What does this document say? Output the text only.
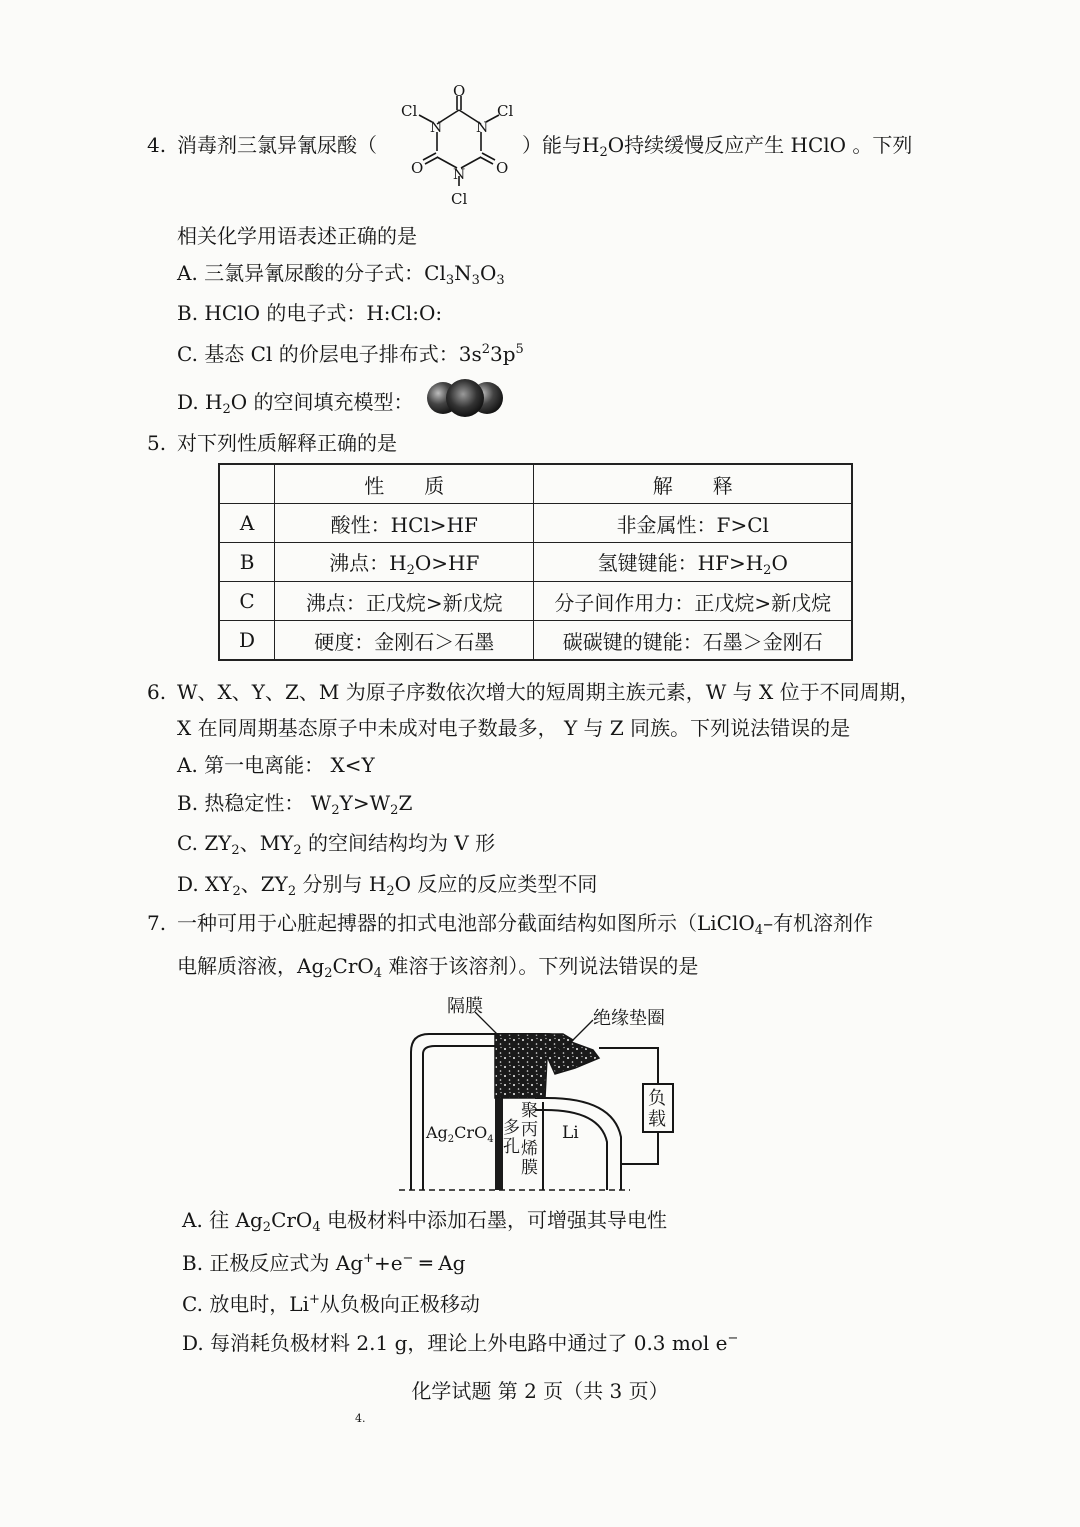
4. 消毒剂三氯异氰尿酸（
O
N
N
N O
O
Cl
Cl
Cl
）能与$H_2O$持续缓慢反应产生 HClO 。下列
相关化学用语表述正确的是
A. 三氯异氰尿酸的分子式：$Cl_3N_3O_3$
B. HClO 的电子式：H:Cl:O:
C. 基态 Cl 的价层电子排布式：$3s^23p^5$
D. $H_2O$ 的空间填充模型：
5. 对下列性质解释正确的是
	性　　质	解　　释
A	酸性：HCl>HF	非金属性：F>Cl
B	沸点：$H_2O>HF$	氢键键能：$HF>H_2O$
C	沸点：正戊烷>新戊烷	分子间作用力：正戊烷>新戊烷
D	硬度：金刚石＞石墨	碳碳键的键能：石墨＞金刚石
6. W、X、Y、Z、M 为原子序数依次增大的短周期主族元素，W 与 X 位于不同周期，
X 在同周期基态原子中未成对电子数最多， Y 与 Z 同族。下列说法错误的是
A. 第一电离能： X<Y
B. 热稳定性： $W_2Y>W_2Z$
C. $ZY_2$、$MY_2$ 的空间结构均为 V 形
D. $XY_2$、$ZY_2$ 分别与 $H_2O$ 反应的反应类型不同
7. 一种可用于心脏起搏器的扣式电池部分截面结构如图所示（LiClO$_4$–有机溶剂作
电解质溶液，$Ag_2CrO_4$ 难溶于该溶剂）。下列说法错误的是
隔膜
绝缘垫圈
负
载
$Ag_2CrO_4$
多
孔
聚
丙
烯
膜
Li
A. 往 $Ag_2CrO_4$ 电极材料中添加石墨，可增强其导电性
B. 正极反应式为 Ag++e− ═ Ag
C. 放电时，Li+从负极向正极移动
D. 每消耗负极材料 2.1 g，理论上外电路中通过了 0.3 mol e−
化学试题 第 2 页（共 3 页）
4.
